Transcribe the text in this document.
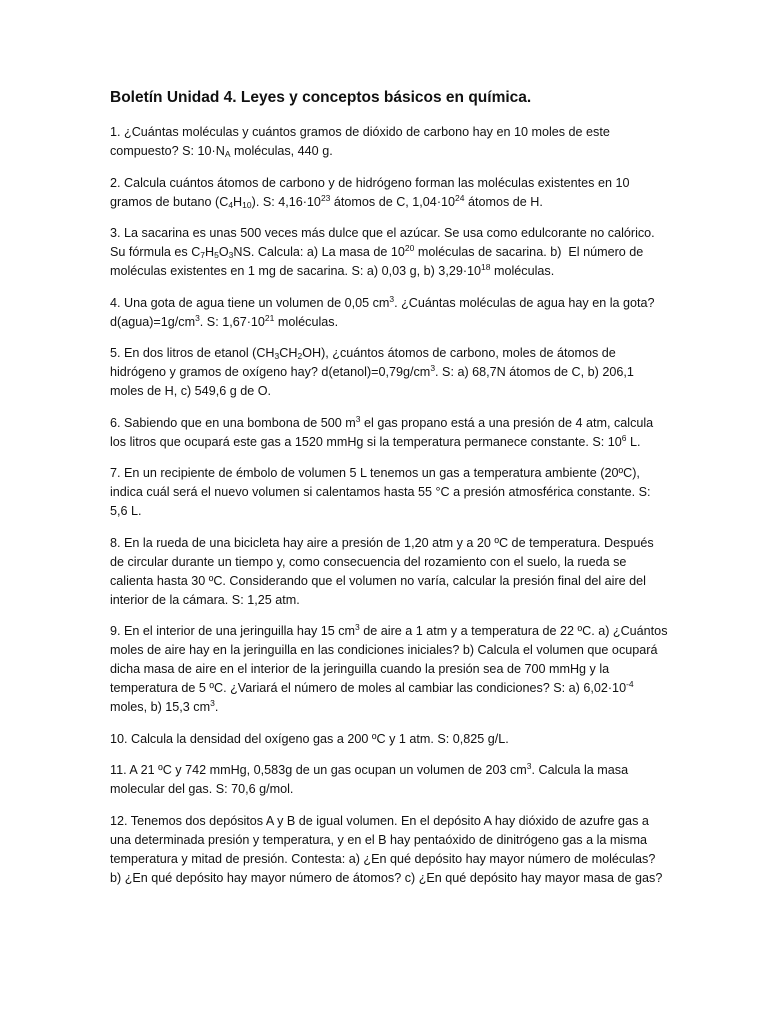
Boletín Unidad 4. Leyes y conceptos básicos en química.

1. ¿Cuántas moléculas y cuántos gramos de dióxido de carbono hay en 10 moles de este compuesto? S: $10\cdot N_A$ moléculas, 440 g.

2. Calcula cuántos átomos de carbono y de hidrógeno forman las moléculas existentes en 10 gramos de butano $(C_4H_{10})$. S: $4,16\cdot 10^{23}$ átomos de C, $1,04\cdot 10^{24}$ átomos de H.

3. La sacarina es unas 500 veces más dulce que el azúcar. Se usa como edulcorante no calórico. Su fórmula es $C_7H_5O_3NS$. Calcula: a) La masa de $10^{20}$ moléculas de sacarina. b)  El número de moléculas existentes en 1 mg de sacarina. S: a) 0,03 g, b) $3,29\cdot 10^{18}$ moléculas.

4. Una gota de agua tiene un volumen de 0,05 $cm^3$. ¿Cuántas moléculas de agua hay en la gota? $d(agua)=1g/cm^3$. S: $1,67\cdot 10^{21}$ moléculas.

5. En dos litros de etanol $(CH_3CH_2OH)$, ¿cuántos átomos de carbono, moles de átomos de hidrógeno y gramos de oxígeno hay? $d(etanol)=0,79g/cm^3$. S: a) 68,7N átomos de C, b) 206,1 moles de H, c) 549,6 g de O.

6. Sabiendo que en una bombona de 500 $m^3$ el gas propano está a una presión de 4 atm, calcula los litros que ocupará este gas a 1520 mmHg si la temperatura permanece constante. S: $10^6$ L.

7. En un recipiente de émbolo de volumen 5 L tenemos un gas a temperatura ambiente (20ºC), indica cuál será el nuevo volumen si calentamos hasta 55 °C a presión atmosférica constante. S: 5,6 L.

8. En la rueda de una bicicleta hay aire a presión de 1,20 atm y a 20 ºC de temperatura. Después de circular durante un tiempo y, como consecuencia del rozamiento con el suelo, la rueda se calienta hasta 30 ºC. Considerando que el volumen no varía, calcular la presión final del aire del interior de la cámara. S: 1,25 atm.

9. En el interior de una jeringuilla hay 15 $cm^3$ de aire a 1 atm y a temperatura de 22 ºC. a) ¿Cuántos moles de aire hay en la jeringuilla en las condiciones iniciales? b) Calcula el volumen que ocupará dicha masa de aire en el interior de la jeringuilla cuando la presión sea de 700 mmHg y la temperatura de 5 ºC. ¿Variará el número de moles al cambiar las condiciones? S: a) $6,02\cdot 10^{-4}$ moles, b) 15,3 $cm^3$.

10. Calcula la densidad del oxígeno gas a 200 ºC y 1 atm. S: 0,825 g/L.

11. A 21 ºC y 742 mmHg, 0,583g de un gas ocupan un volumen de 203 $cm^3$. Calcula la masa molecular del gas. S: 70,6 g/mol.

12. Tenemos dos depósitos A y B de igual volumen. En el depósito A hay dióxido de azufre gas a una determinada presión y temperatura, y en el B hay pentaóxido de dinitrógeno gas a la misma temperatura y mitad de presión. Contesta: a) ¿En qué depósito hay mayor número de moléculas? b) ¿En qué depósito hay mayor número de átomos? c) ¿En qué depósito hay mayor masa de gas?
